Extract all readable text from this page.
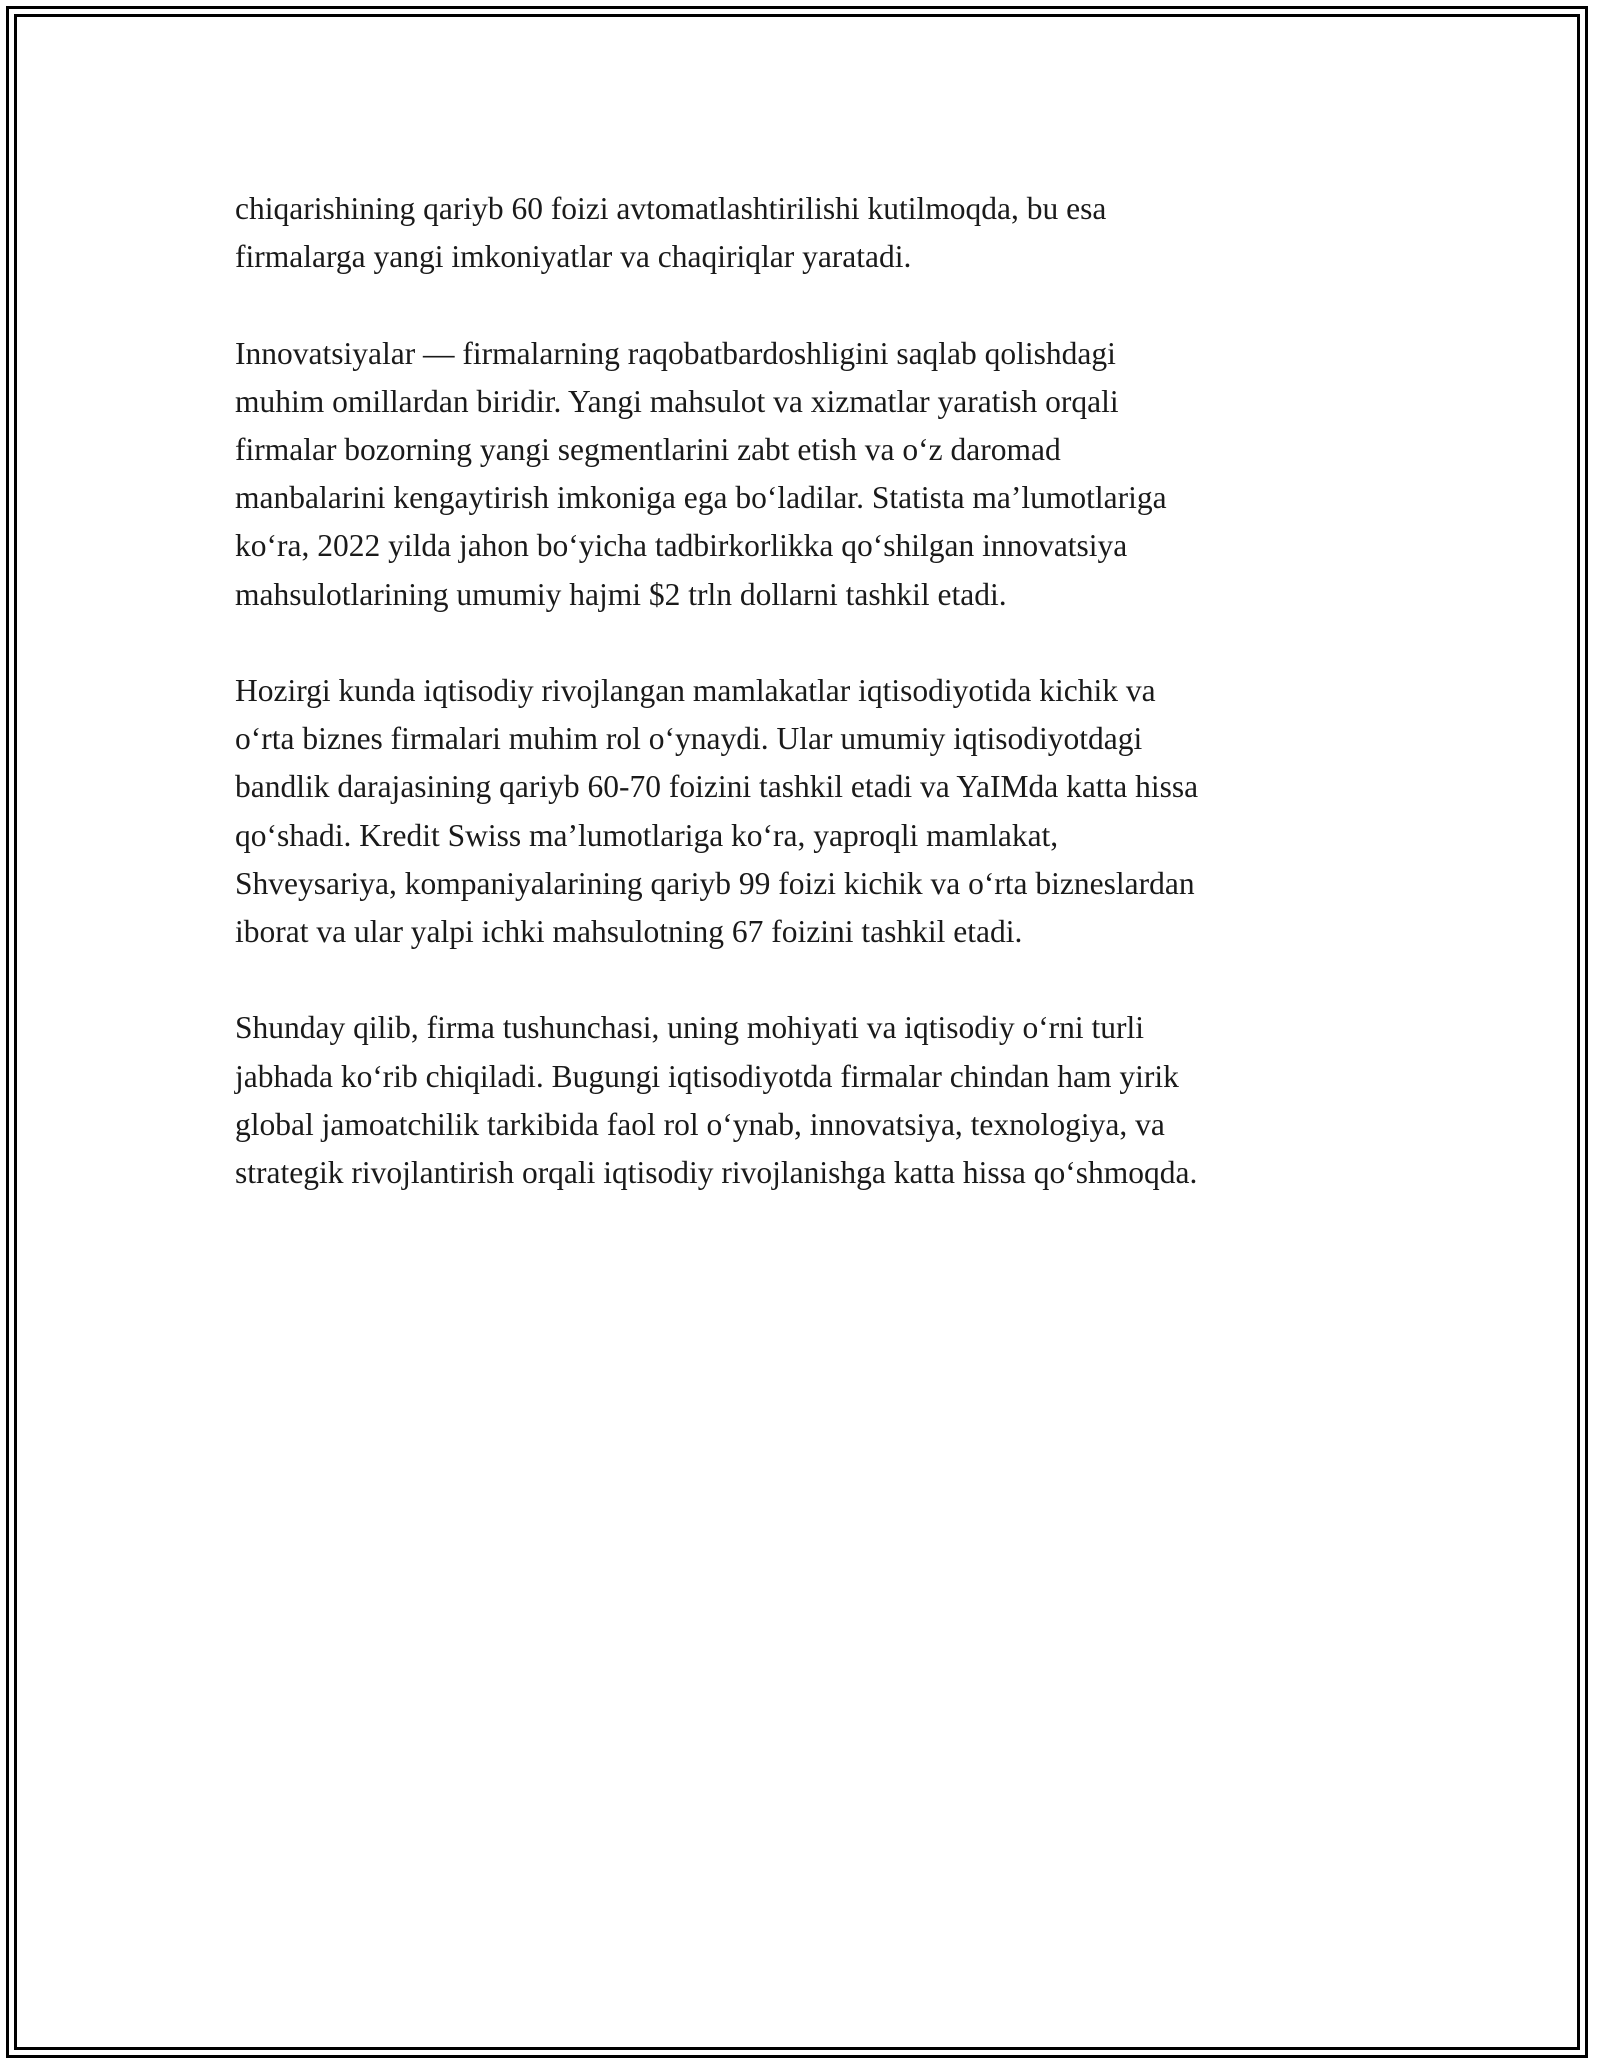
chiqarishining qariyb 60 foizi avtomatlashtirilishi kutilmoqda, bu esa
firmalarga yangi imkoniyatlar va chaqiriqlar yaratadi.

Innovatsiyalar — firmalarning raqobatbardoshligini saqlab qolishdagi
muhim omillardan biridir. Yangi mahsulot va xizmatlar yaratish orqali
firmalar bozorning yangi segmentlarini zabt etish va oʻz daromad
manbalarini kengaytirish imkoniga ega boʻladilar. Statista maʼlumotlariga
koʻra, 2022 yilda jahon boʻyicha tadbirkorlikka qoʻshilgan innovatsiya
mahsulotlarining umumiy hajmi $2 trln dollarni tashkil etadi.

Hozirgi kunda iqtisodiy rivojlangan mamlakatlar iqtisodiyotida kichik va
oʻrta biznes firmalari muhim rol oʻynaydi. Ular umumiy iqtisodiyotdagi
bandlik darajasining qariyb 60-70 foizini tashkil etadi va YaIMda katta hissa
qoʻshadi. Kredit Swiss maʼlumotlariga koʻra, yaproqli mamlakat,
Shveysariya, kompaniyalarining qariyb 99 foizi kichik va oʻrta bizneslardan
iborat va ular yalpi ichki mahsulotning 67 foizini tashkil etadi.

Shunday qilib, firma tushunchasi, uning mohiyati va iqtisodiy oʻrni turli
jabhada koʻrib chiqiladi. Bugungi iqtisodiyotda firmalar chindan ham yirik
global jamoatchilik tarkibida faol rol oʻynab, innovatsiya, texnologiya, va
strategik rivojlantirish orqali iqtisodiy rivojlanishga katta hissa qoʻshmoqda.
